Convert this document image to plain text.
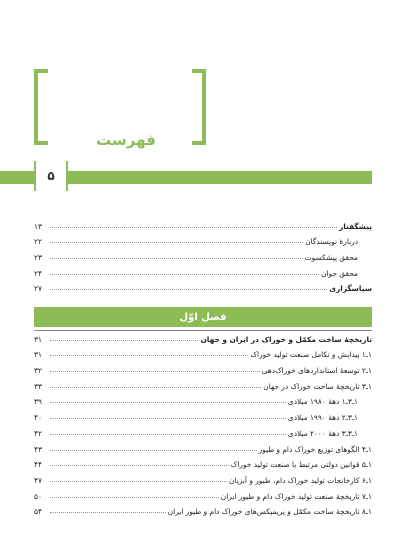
فهرست
۵
پیشگفتار
۱۳
دربارهٔ نویسندگان
۲۲
محقق پیشکسوت
۲۳
محقق جوان
۲۴
سپاسگزاری
۲۷
فصل اوّل
تاریخچهٔ ساخت مکمّل و خوراک در ایران و جهان
۳۱
۱ـ۱ پیدایش و تکامل صنعت تولید خوراک
۳۱
۱ـ۲ توسعهٔ استانداردهای خوراک‌دهی
۳۲
۱ـ۳ تاریخچهٔ ساخت خوراک در جهان
۳۳
۱ـ۳ـ۱ دههٔ ۱۹۸۰ میلادی
۳۹
۱ـ۳ـ۲ دههٔ ۱۹۹۰ میلادی
۴۰
۱ـ۳ـ۳ دههٔ ۲۰۰۰ میلادی
۴۲
۱ـ۴ الگوهای توزیع خوراک دام و طیور
۴۳
۱ـ۵ قوانین دولتی مرتبط با صنعت تولید خوراک
۴۴
۱ـ۶ کارخانجات تولید خوراک دام، طیور و آبزیان
۴۷
۱ـ۷ تاریخچهٔ صنعت تولید خوراک دام و طیور ایران
۵۰
۱ـ۸ تاریخچهٔ ساخت مکمّل و پریمیکس‌های خوراک دام و طیور ایران
۵۴
